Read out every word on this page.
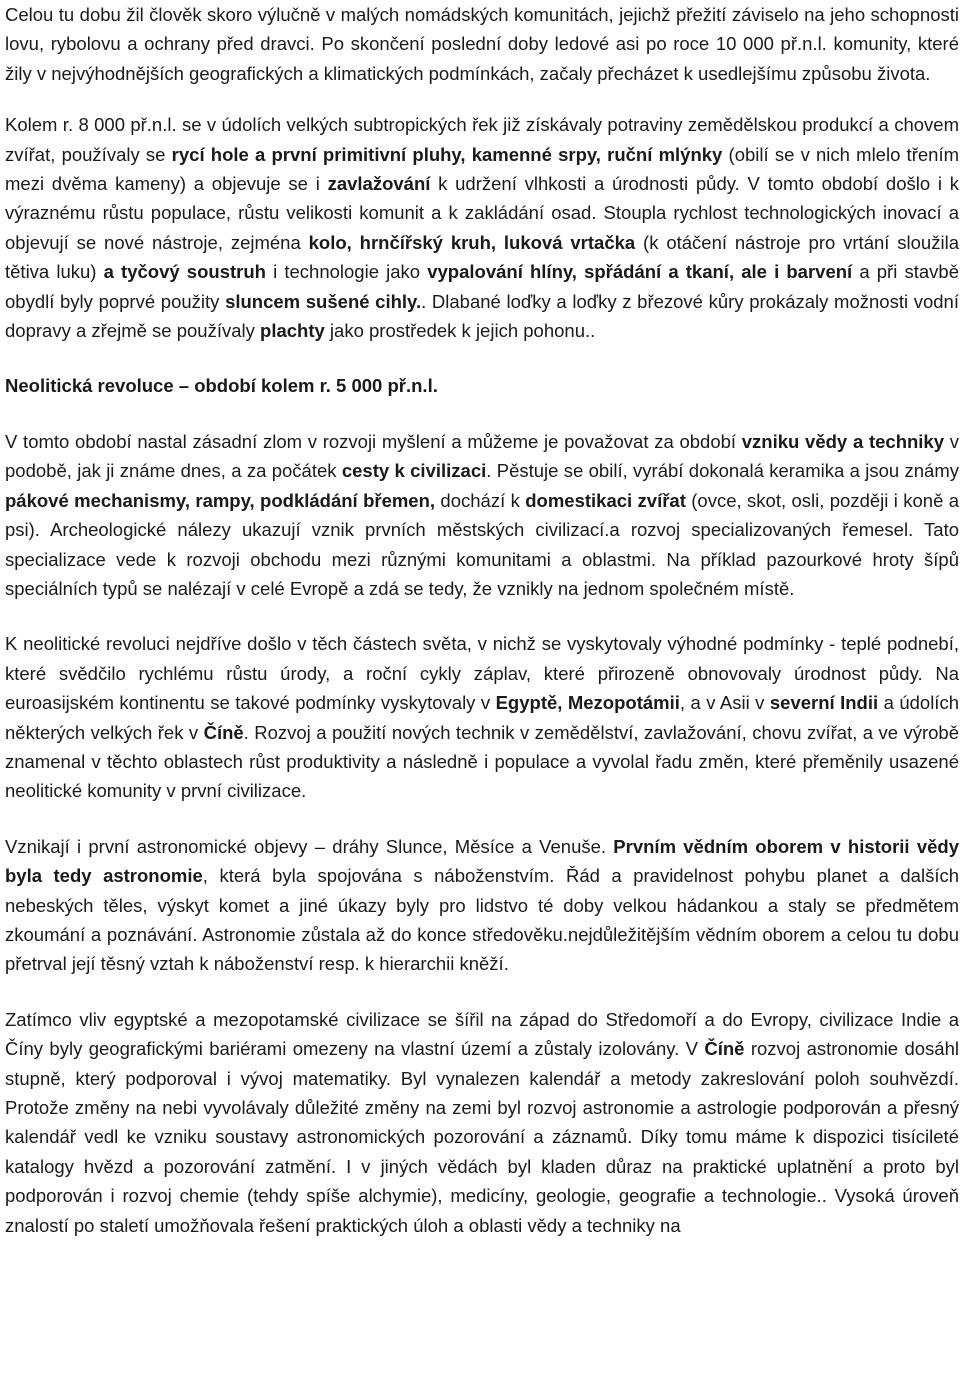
Celou tu dobu žil člověk skoro výlučně v malých nomádských komunitách, jejichž přežití záviselo na jeho schopnosti lovu, rybolovu a ochrany před dravci. Po skončení poslední doby ledové asi po roce 10 000 př.n.l. komunity, které žily v nejvýhodnějších geografických a klimatických podmínkách, začaly přecházet k usedlejšímu způsobu života.

Kolem r. 8 000 př.n.l. se v údolích velkých subtropických řek již získávaly potraviny zemědělskou produkcí a chovem zvířat, používaly se rycí hole a první primitivní pluhy, kamenné srpy, ruční mlýnky (obilí se v nich mlelo třením mezi dvěma kameny) a objevuje se i zavlažování k udržení vlhkosti a úrodnosti půdy. V tomto období došlo i k výraznému růstu populace, růstu velikosti komunit a k zakládání osad. Stoupla rychlost technologických inovací a objevují se nové nástroje, zejména kolo, hrnčířský kruh, luková vrtačka (k otáčení nástroje pro vrtání sloužila tětiva luku) a tyčový soustruh i technologie jako vypalování hlíny, spřádání a tkaní, ale i barvení a při stavbě obydlí byly poprvé použity sluncem sušené cihly.. Dlabané loďky a loďky z březové kůry prokázaly možnosti vodní dopravy a zřejmě se používaly plachty jako prostředek k jejich pohonu..

Neolitická revoluce – období kolem r. 5 000 př.n.l.

V tomto období nastal zásadní zlom v rozvoji myšlení a můžeme je považovat za období vzniku vědy a techniky v podobě, jak ji známe dnes, a za počátek cesty k civilizaci. Pěstuje se obilí, vyrábí dokonalá keramika a jsou známy pákové mechanismy, rampy, podkládání břemen, dochází k domestikaci zvířat (ovce, skot, osli, později i koně a psi). Archeologické nálezy ukazují vznik prvních městských civilizací.a rozvoj specializovaných řemesel. Tato specializace vede k rozvoji obchodu mezi různými komunitami a oblastmi. Na příklad pazourkové hroty šípů speciálních typů se nalézají v celé Evropě a zdá se tedy, že vznikly na jednom společném místě.

K neolitické revoluci nejdříve došlo v těch částech světa, v nichž se vyskytovaly výhodné podmínky - teplé podnebí, které svědčilo rychlému růstu úrody, a roční cykly záplav, které přirozeně obnovovaly úrodnost půdy. Na euroasijském kontinentu se takové podmínky vyskytovaly v Egyptě, Mezopotámii, a v Asii v severní Indii a údolích některých velkých řek v Číně. Rozvoj a použití nových technik v zemědělství, zavlažování, chovu zvířat, a ve výrobě znamenal v těchto oblastech růst produktivity a následně i populace a vyvolal řadu změn, které přeměnily usazené neolitické komunity v první civilizace.

Vznikají i první astronomické objevy – dráhy Slunce, Měsíce a Venuše. Prvním vědním oborem v historii vědy byla tedy astronomie, která byla spojována s náboženstvím. Řád a pravidelnost pohybu planet a dalších nebeských těles, výskyt komet a jiné úkazy byly pro lidstvo té doby velkou hádankou a staly se předmětem zkoumání a poznávání. Astronomie zůstala až do konce středověku.nejdůležitějším vědním oborem a celou tu dobu přetrval její těsný vztah k náboženství resp. k hierarchii kněží.

Zatímco vliv egyptské a mezopotamské civilizace se šířil na západ do Středomoří a do Evropy, civilizace Indie a Číny byly geografickými bariérami omezeny na vlastní území a zůstaly izolovány. V Číně rozvoj astronomie dosáhl stupně, který podporoval i vývoj matematiky. Byl vynalezen kalendář a metody zakreslování poloh souhvězdí. Protože změny na nebi vyvolávaly důležité změny na zemi byl rozvoj astronomie a astrologie podporován a přesný kalendář vedl ke vzniku soustavy astronomických pozorování a záznamů. Díky tomu máme k dispozici tisícileté katalogy hvězd a pozorování zatmění. I v jiných vědách byl kladen důraz na praktické uplatnění a proto byl podporován i rozvoj chemie (tehdy spíše alchymie), medicíny, geologie, geografie a technologie.. Vysoká úroveň znalostí po staletí umožňovala řešení praktických úloh a oblasti vědy a techniky na
